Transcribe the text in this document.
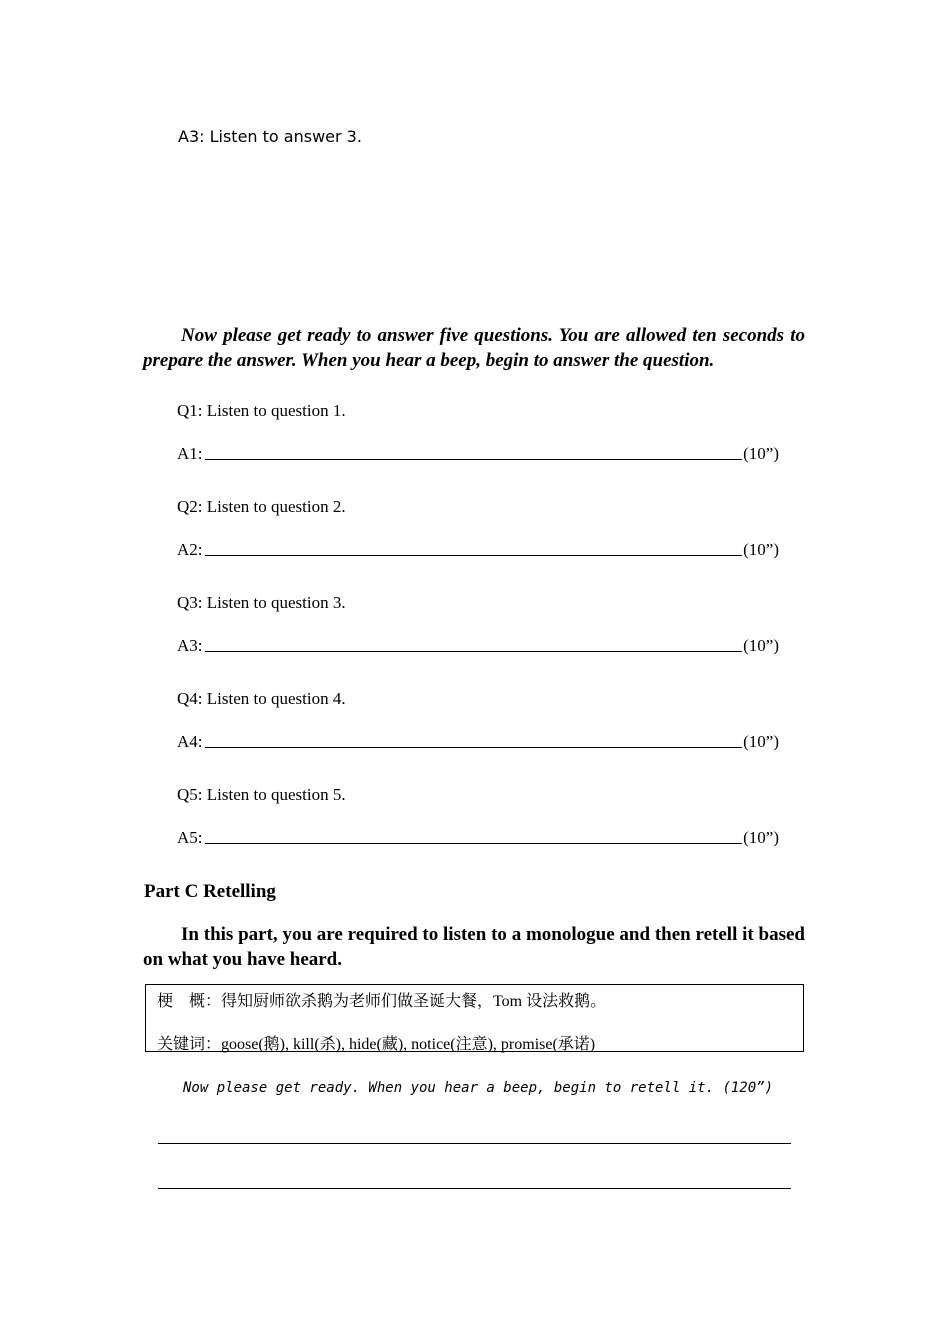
A3: Listen to answer 3.
Now please get ready to answer five questions. You are allowed ten seconds to prepare the answer. When you hear a beep, begin to answer the question.
Q1: Listen to question 1.
A1:	(10”)
Q2: Listen to question 2.
A2:	(10”)
Q3: Listen to question 3.
A3:	(10”)
Q4: Listen to question 4.
A4:	(10”)
Q5: Listen to question 5.
A5:	(10”)
Part C Retelling
In this part, you are required to listen to a monologue and then retell it based on what you have heard.
梗　概：得知厨师欲杀鹅为老师们做圣诞大餐，Tom 设法救鹅。
关键词：goose(鹅), kill(杀), hide(藏), notice(注意), promise(承诺)
Now please get ready. When you hear a beep, begin to retell it. (120”)
